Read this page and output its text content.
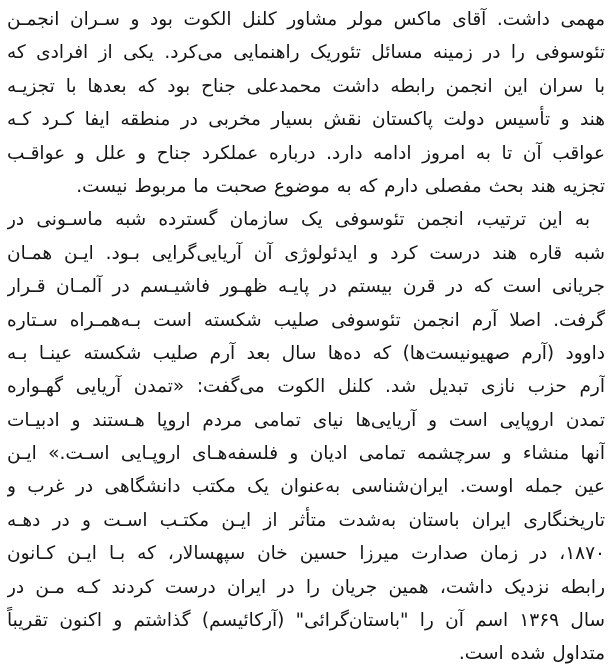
مهمی داشت. آقای ماکس مولر مشاور کلنل الکوت بود و سـران انجمـن
تئوسوفی را در زمینه مسائل تئوریک راهنمایی می‌کرد. یکی از افرادی که
با سران این انجمن رابطه داشت محمدعلی جناح بود که بعدها با تجزیـه
هند و تأسیس دولت پاکستان نقش بسیار مخربی در منطقه ایفا کـرد کـه
عواقب آن تا به امروز ادامه دارد. درباره عملکرد جناح و علل و عواقـب
تجزیه هند بحث مفصلی دارم که به موضوع صحبت ما مربوط نیست.
به این ترتیب، انجمن تئوسوفی یک سازمان گسترده شبه ماسـونی در
شبه قاره هند درست کرد و ایدئولوژی آن آریایی‌گرایی بـود. ایـن همـان
جریانی است که در قرن بیستم در پایـه ظهـور فاشیـسم در آلمـان قـرار
گرفت. اصلا آرم انجمن تئوسوفی صلیب شکسته است بـه‌همـراه سـتاره
داوود (آرم صهیونیست‌ها) که ده‌ها سال بعد آرم صلیب شکسته عینـا بـه
آرم حزب نازی تبدیل شد. کلنل الکوت می‌گفت: «تمدن آریایی گهـواره
تمدن اروپایی است و آریایی‌ها نیای تمامی مردم اروپا هـستند و ادبیـات
آنها منشاء و سرچشمه تمامی ادیان و فلسفه‌هـای اروپـایی اسـت.» ایـن
عین جمله اوست. ایران‌شناسی به‌عنوان یک مکتب دانشگاهی در غرب و
تاریخنگاری ایران باستان به‌شدت متأثر از ایـن مکتـب اسـت و در دهـه
۱۸۷۰، در زمان صدارت میرزا حسین خان سپهسالار، که بـا ایـن کـانون
رابطه نزدیک داشت، همین جریان را در ایران درست کردند کـه مـن در
سال ۱۳۶۹ اسم آن را "باستان‌گرائی" (آرکائیسم) گذاشتم و اکنون تقریباً
متداول شده است.
